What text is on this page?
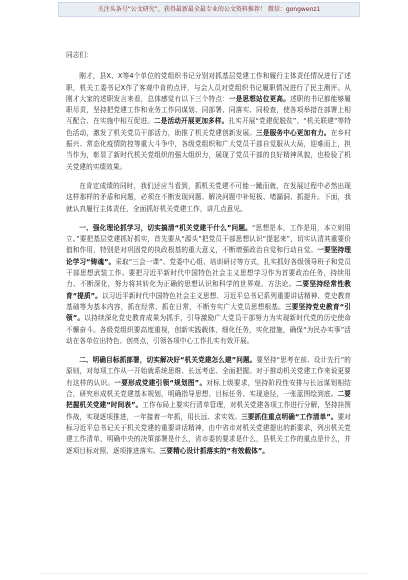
关注头条号“公文研究”，获得最新最全最专业的公文资料推荐！ 微信：gongwenz1

同志们：

刚才，县X、X等4个单位的党组织书记分别对抓基层党建工作和履行主体责任情况进行了述职，机关工委书记X作了客观中肯的点评，与会人员对党组织书记履职情况进行了民主测评。从刚才大家的述职发言来看，总体感觉有以下三个特点：一是思想站位更高。述职的书记都能够履职尽责，坚持把党建工作和业务工作同谋划、同部署、同落实、同检查，使各项举措在部署上相互配合、在实施中相互促进。二是活动开展更加多样。扎实开展“党建促脱贫”、“机关联建”等特色活动，激发了机关党员干部活力，助推了机关党建创新发展。三是服务中心更加有力。在乡村振兴、常态化疫情防控等重大斗争中，各级党组织和广大党员干部自觉服从大局，迎难而上，担当作为，彰显了新时代机关党组织的强大组织力，展现了党员干部的良好精神风貌，也检验了机关党建的实绩效果。

在肯定成绩的同时，我们还应当看到，抓机关党建不可能一蹴而就，在发展过程中必然出现这样那样的矛盾和问题，必须在不断发现问题、解决问题中补短板、堵漏洞、抓提升。下面，我就认真履行主体责任，全面抓好机关党建工作，讲几点意见。

一、强化理论抓学习，切实搞清“机关党建干什么”问题。“思想是本，工作是用，本立则用立。”要把基层党建抓好抓实，首先要从“源头”把党员干部思想认识“提起来”，切实认清其重要价值和作用，特别是对巩固党的执政根基的重大意义，不断增强政治自觉和行动自觉。一要坚持理论学习“铸魂”。采取“三会一课”、党委中心组、培训研讨等方式，扎实抓好各级领导班子和党员干部思想武装工作。要把习近平新时代中国特色社会主义思想学习作为首要政治任务，持续用力、不断深化，努力将其转化为正确的思想认识和科学的世界观、方法论。二要坚持经常性教育“提质”。以习近平新时代中国特色社会主义思想、习近平总书记系列重要讲话精神、党史教育基础等为基本内容，抓在经常、抓在日常，不断夯实广大党员思想根基。三要坚持党史教育“引领”。以持续深化党史教育成果为抓手，引导激励广大党员干部努力为实现新时代党的历史使命不懈奋斗。各级党组织要高度重视，创新实践载体，细化任务，实化措施，确保“为民办实事”活动在各单位出特色、创亮点，引领各项中心工作扎实有效开展。

二、明确目标抓部署，切实解决好“机关党建怎么建”问题。要坚持“思考在前、设计先行”的原则，对每项工作从一开始就系统思维、长远考虑、全面把握。对于推动机关党建工作来说更要有这样的认识。一要形成党建引领“规划图”。对标上级要求，坚持阶段性安排与长远谋划相结合，研究形成机关党建基本规划，明确指导思想、目标任务、实现途径，一张蓝图绘到底。二要把握机关党建“时间表”。工作布局上要实行清单管理，对机关党建各项工作进行分解，坚持挂图作战，实现逐项推进，一年接着一年抓，用长远、求实效。三要抓住重点明确“工作清单”。要对标习近平总书记关于机关党建的重要讲话精神，由中省市对机关党建提出的新要求，列出机关党建工作清单，明确中央的决策部署是什么，省市委的要求是什么，县机关工作的重点是什么，并逐项目标对照、逐项推进落实。三要精心设计抓落实的“有效载体”。
